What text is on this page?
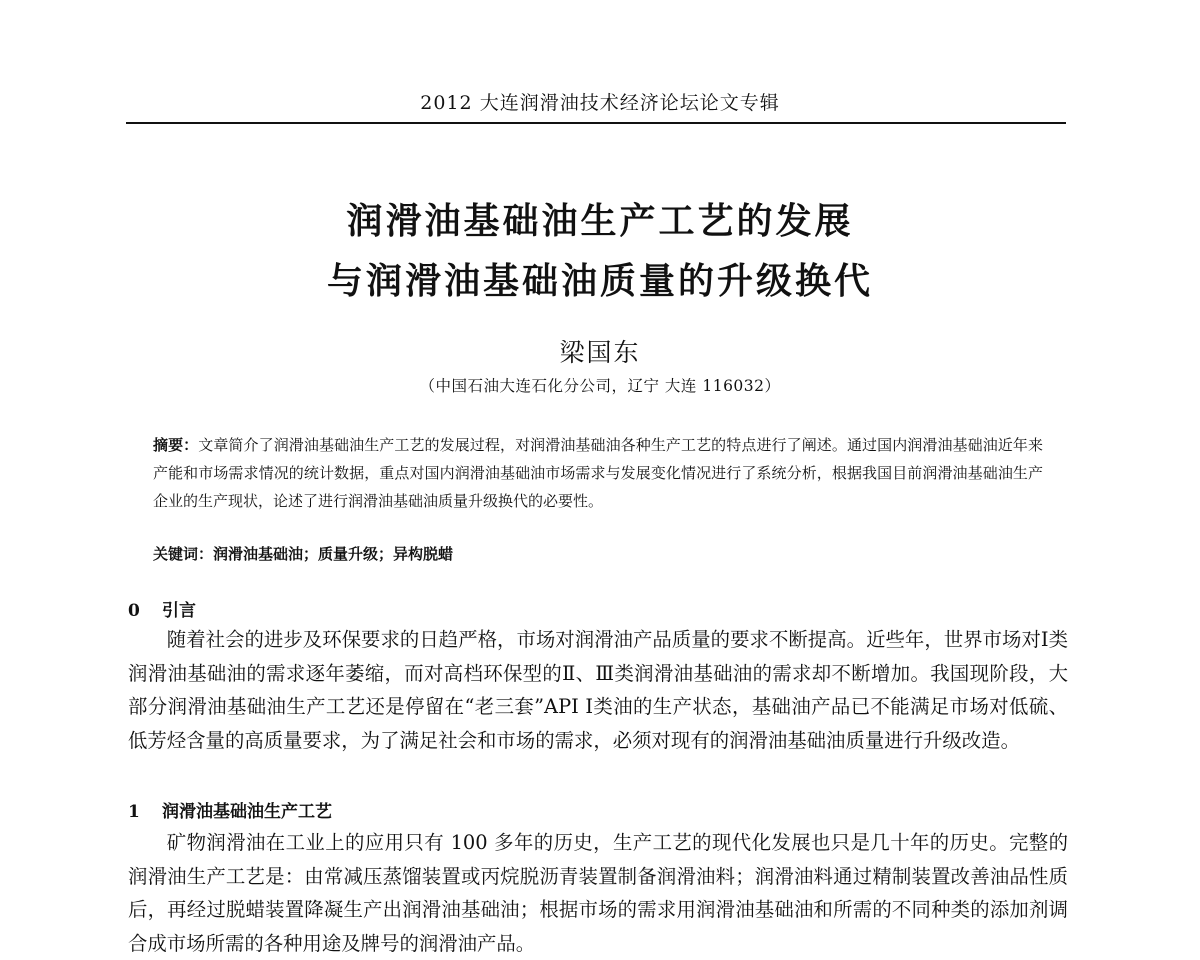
2012 大连润滑油技术经济论坛论文专辑
润滑油基础油生产工艺的发展
与润滑油基础油质量的升级换代
梁国东
（中国石油大连石化分公司，辽宁 大连 116032）
摘要：文章简介了润滑油基础油生产工艺的发展过程，对润滑油基础油各种生产工艺的特点进行了阐述。通过国内润滑油基础油近年来产能和市场需求情况的统计数据，重点对国内润滑油基础油市场需求与发展变化情况进行了系统分析，根据我国目前润滑油基础油生产企业的生产现状，论述了进行润滑油基础油质量升级换代的必要性。
关键词：润滑油基础油；质量升级；异构脱蜡
0 引言
随着社会的进步及环保要求的日趋严格，市场对润滑油产品质量的要求不断提高。近些年，世界市场对Ⅰ类润滑油基础油的需求逐年萎缩，而对高档环保型的Ⅱ、Ⅲ类润滑油基础油的需求却不断增加。我国现阶段，大部分润滑油基础油生产工艺还是停留在“老三套”API Ⅰ类油的生产状态，基础油产品已不能满足市场对低硫、低芳烃含量的高质量要求，为了满足社会和市场的需求，必须对现有的润滑油基础油质量进行升级改造。
1 润滑油基础油生产工艺
矿物润滑油在工业上的应用只有 100 多年的历史，生产工艺的现代化发展也只是几十年的历史。完整的润滑油生产工艺是：由常减压蒸馏装置或丙烷脱沥青装置制备润滑油料；润滑油料通过精制装置改善油品性质后，再经过脱蜡装置降凝生产出润滑油基础油；根据市场的需求用润滑油基础油和所需的不同种类的添加剂调合成市场所需的各种用途及牌号的润滑油产品。
